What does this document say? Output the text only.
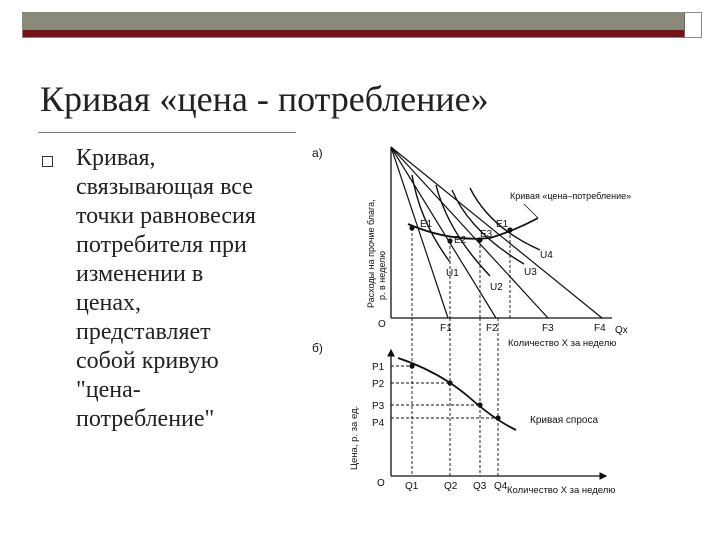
Кривая «цена - потребление»
Кривая,
связывающая все
точки равновесия
потребителя при
изменении в
ценах,
представляет
собой кривую
"цена-
потребление"
а)
Расходы на прочие блага, р. в неделю
O
Qx
Количество X за неделю
Кривая «цена–потребление»
E1
E2
E3
E1
U1
U2
U3
U4
F1	F2	F3	F4
б)
Цена, р. за ед.
O
Количество X за неделю
Кривая спроса
P1
P2
P3
P4
Q1	Q2 Q3 Q4
